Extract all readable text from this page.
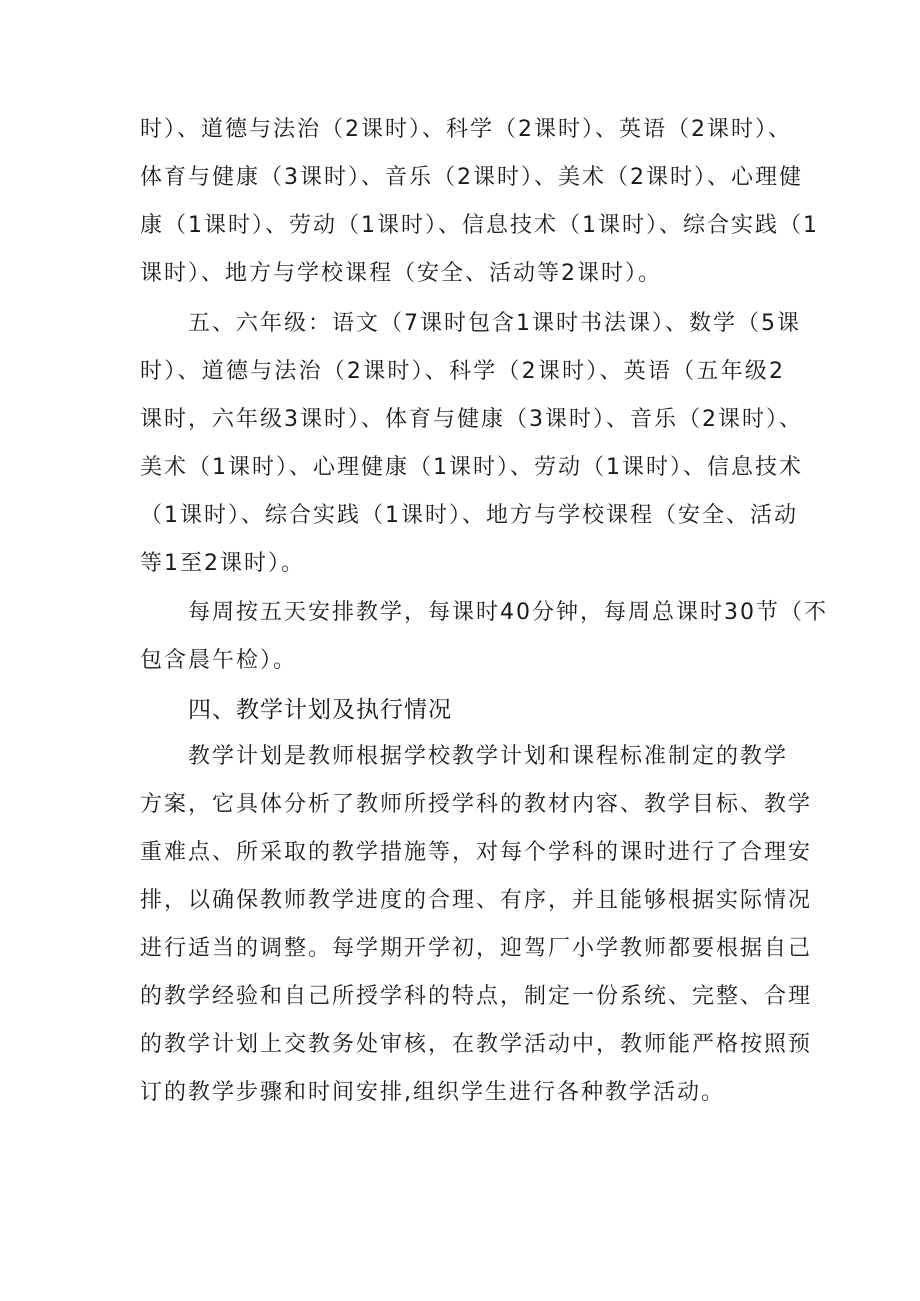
时）、道德与法治（2课时）、科学（2课时）、英语（2课时）、
体育与健康（3课时）、音乐（2课时）、美术（2课时）、心理健
康（1课时）、劳动（1课时）、信息技术（1课时）、综合实践（1
课时）、地方与学校课程（安全、活动等2课时）。
五、六年级：语文（7课时包含1课时书法课）、数学（5课
时）、道德与法治（2课时）、科学（2课时）、英语（五年级2
课时，六年级3课时）、体育与健康（3课时）、音乐（2课时）、
美术（1课时）、心理健康（1课时）、劳动（1课时）、信息技术
（1课时）、综合实践（1课时）、地方与学校课程（安全、活动
等1至2课时）。
每周按五天安排教学，每课时40分钟，每周总课时30节（不
包含晨午检）。
四、教学计划及执行情况
教学计划是教师根据学校教学计划和课程标准制定的教学
方案，它具体分析了教师所授学科的教材内容、教学目标、教学
重难点、所采取的教学措施等，对每个学科的课时进行了合理安
排，以确保教师教学进度的合理、有序，并且能够根据实际情况
进行适当的调整。每学期开学初，迎驾厂小学教师都要根据自己
的教学经验和自己所授学科的特点，制定一份系统、完整、合理
的教学计划上交教务处审核，在教学活动中，教师能严格按照预
订的教学步骤和时间安排,组织学生进行各种教学活动。
